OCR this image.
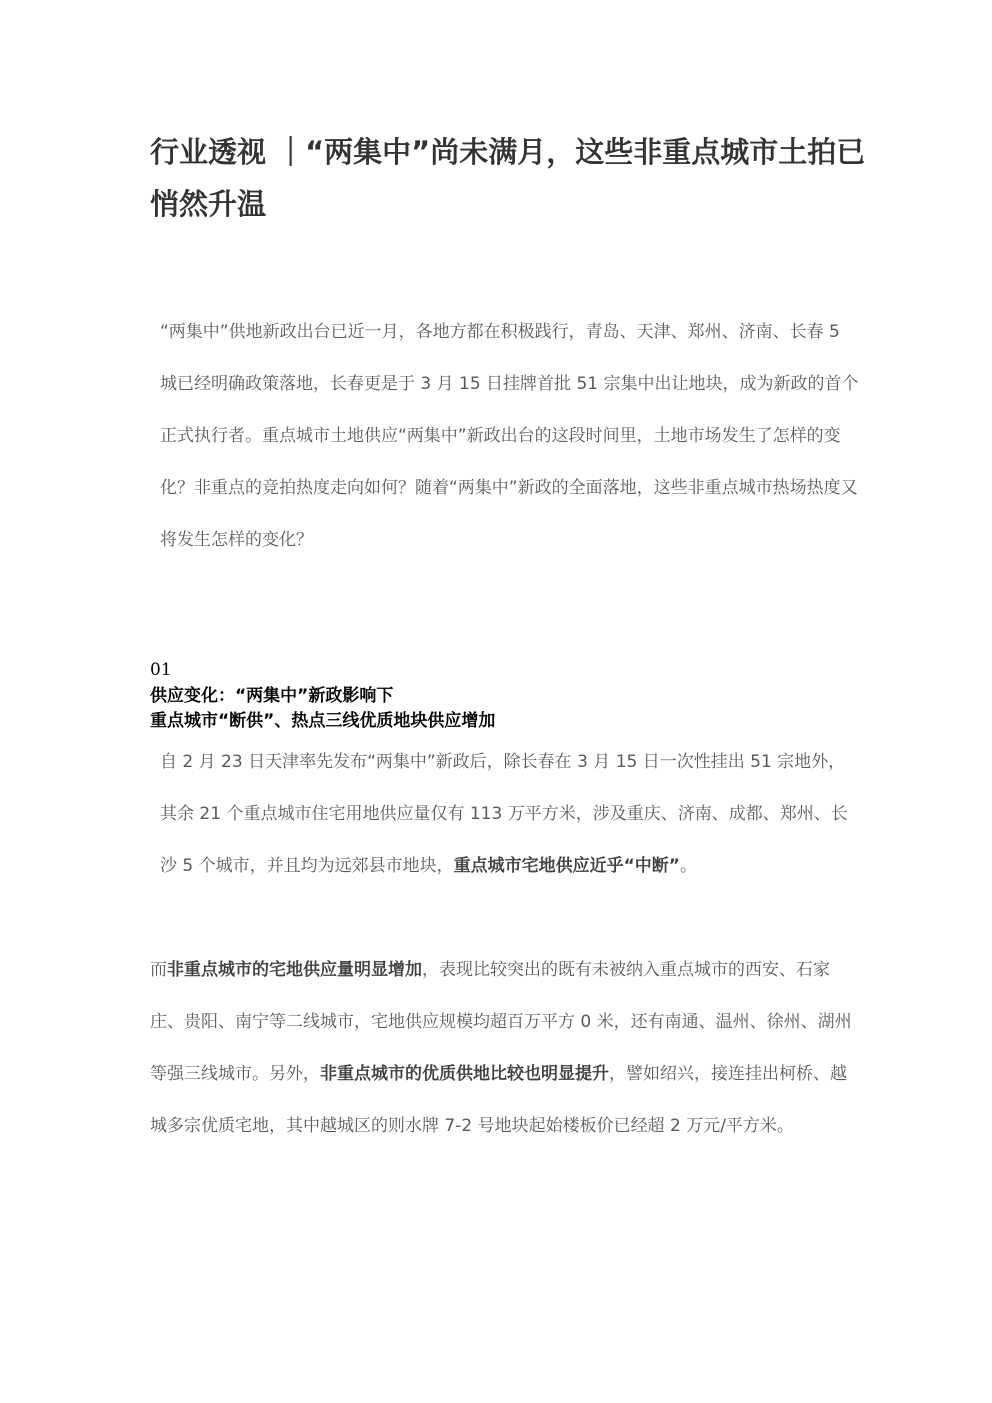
行业透视 ｜“两集中”尚未满月，这些非重点城市土拍已悄然升温

“两集中”供地新政出台已近一月，各地方都在积极践行，青岛、天津、郑州、济南、长春 5 城已经明确政策落地，长春更是于 3 月 15 日挂牌首批 51 宗集中出让地块，成为新政的首个正式执行者。重点城市土地供应“两集中”新政出台的这段时间里，土地市场发生了怎样的变化？非重点的竞拍热度走向如何？随着“两集中”新政的全面落地，这些非重点城市热场热度又将发生怎样的变化？

01
供应变化：“两集中”新政影响下
重点城市“断供”、热点三线优质地块供应增加

自 2 月 23 日天津率先发布“两集中”新政后，除长春在 3 月 15 日一次性挂出 51 宗地外，其余 21 个重点城市住宅用地供应量仅有 113 万平方米，涉及重庆、济南、成都、郑州、长沙 5 个城市，并且均为远郊县市地块，重点城市宅地供应近乎“中断”。

而非重点城市的宅地供应量明显增加，表现比较突出的既有未被纳入重点城市的西安、石家庄、贵阳、南宁等二线城市，宅地供应规模均超百万平方 0 米，还有南通、温州、徐州、湖州等强三线城市。另外，非重点城市的优质供地比较也明显提升，譬如绍兴，接连挂出柯桥、越城多宗优质宅地，其中越城区的则水牌 7-2 号地块起始楼板价已经超 2 万元/平方米。
